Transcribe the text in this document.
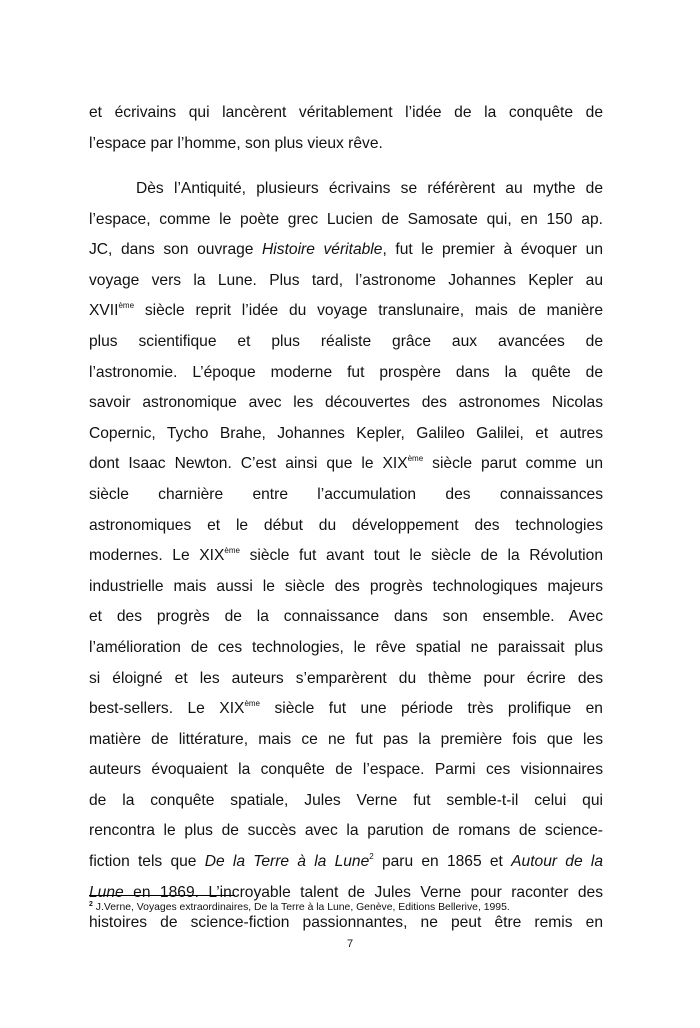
et écrivains qui lancèrent véritablement l’idée de la conquête de
l’espace par l’homme, son plus vieux rêve.
Dès l’Antiquité, plusieurs écrivains se référèrent au mythe de
l’espace, comme le poète grec Lucien de Samosate qui, en 150 ap.
JC, dans son ouvrage Histoire véritable, fut le premier à évoquer un
voyage vers la Lune. Plus tard, l’astronome Johannes Kepler au
XVIIème siècle reprit l’idée du voyage translunaire, mais de manière
plus scientifique et plus réaliste grâce aux avancées de
l’astronomie. L’époque moderne fut prospère dans la quête de
savoir astronomique avec les découvertes des astronomes Nicolas
Copernic, Tycho Brahe, Johannes Kepler, Galileo Galilei, et autres
dont Isaac Newton. C’est ainsi que le XIXème siècle parut comme un
siècle charnière entre l’accumulation des connaissances
astronomiques et le début du développement des technologies
modernes. Le XIXème siècle fut avant tout le siècle de la Révolution
industrielle mais aussi le siècle des progrès technologiques majeurs
et des progrès de la connaissance dans son ensemble. Avec
l’amélioration de ces technologies, le rêve spatial ne paraissait plus
si éloigné et les auteurs s’emparèrent du thème pour écrire des
best-sellers. Le XIXème siècle fut une période très prolifique en
matière de littérature, mais ce ne fut pas la première fois que les
auteurs évoquaient la conquête de l’espace. Parmi ces visionnaires
de la conquête spatiale, Jules Verne fut semble-t-il celui qui
rencontra le plus de succès avec la parution de romans de science-
fiction tels que De la Terre à la Lune$^2$ paru en 1865 et Autour de la
Lune en 1869. L’incroyable talent de Jules Verne pour raconter des
histoires de science-fiction passionnantes, ne peut être remis en
$^2$ J.Verne, Voyages extraordinaires, De la Terre à la Lune, Genève, Editions Bellerive, 1995.
7
